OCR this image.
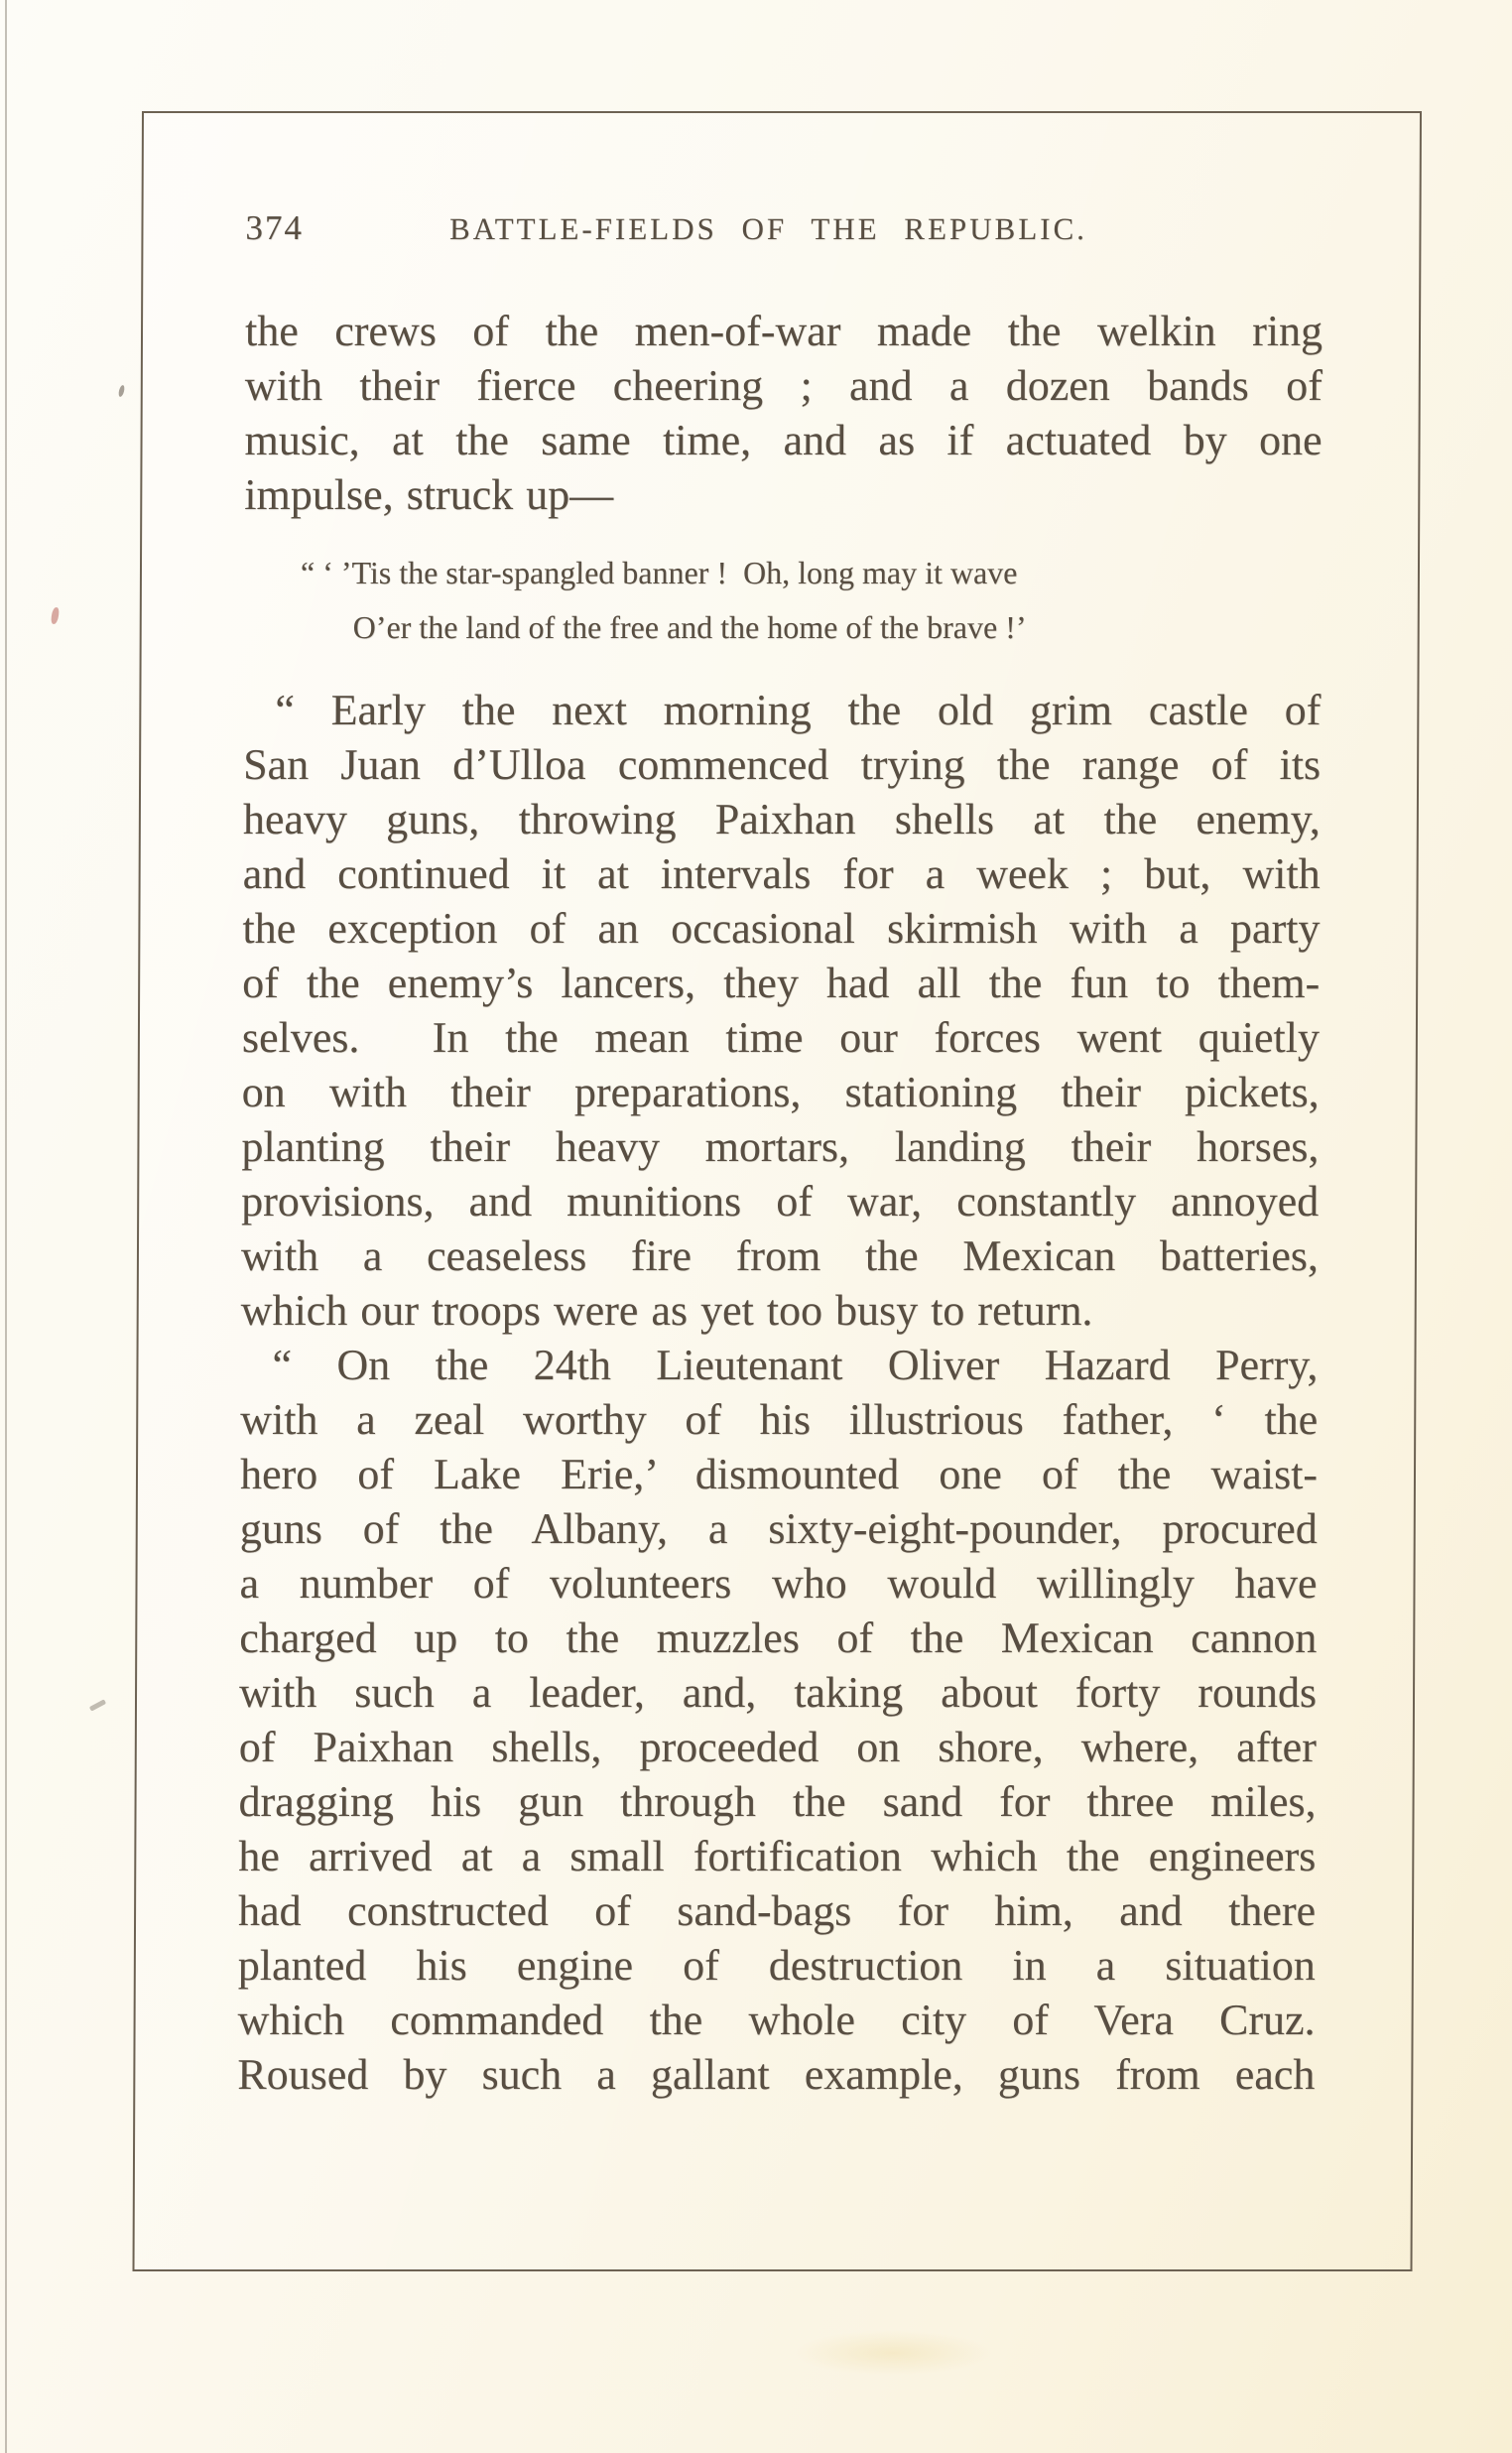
374	BATTLE-FIELDS OF THE REPUBLIC.
the crews of the men-of-war made the welkin ring
with their fierce cheering ; and a dozen bands of
music, at the same time, and as if actuated by one
impulse, struck up—
“ ‘ ’Tis the star-spangled banner !  Oh, long may it wave
O’er the land of the free and the home of the brave !’
“ Early the next morning the old grim castle of
San Juan d’Ulloa commenced trying the range of its
heavy guns, throwing Paixhan shells at the enemy,
and continued it at intervals for a week ; but, with
the exception of an occasional skirmish with a party
of the enemy’s lancers, they had all the fun to them-
selves.  In the mean time our forces went quietly
on with their preparations, stationing their pickets,
planting their heavy mortars, landing their horses,
provisions, and munitions of war, constantly annoyed
with a ceaseless fire from the Mexican batteries,
which our troops were as yet too busy to return.
“ On the 24th Lieutenant Oliver Hazard Perry,
with a zeal worthy of his illustrious father, ‘ the
hero of Lake Erie,’ dismounted one of the waist-
guns of the Albany, a sixty-eight-pounder, procured
a number of volunteers who would willingly have
charged up to the muzzles of the Mexican cannon
with such a leader, and, taking about forty rounds
of Paixhan shells, proceeded on shore, where, after
dragging his gun through the sand for three miles,
he arrived at a small fortification which the engineers
had constructed of sand-bags for him, and there
planted his engine of destruction in a situation
which commanded the whole city of Vera Cruz.
Roused by such a gallant example, guns from each
